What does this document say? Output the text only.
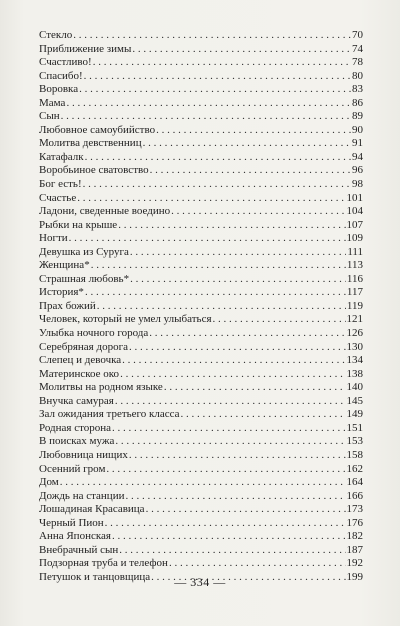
Стекло . . .	70
Приближение зимы . . .	74
Счастливо! . . .	78
Спасибо! . . .	80
Воровка . . .	83
Мама . . .	86
Сын . . .	89
Любовное самоубийство . . .	90
Молитва девственниц . . .	91
Катафалк . . .	94
Воробьиное сватовство . . .	96
Бог есть! . . .	98
Счастье . . .	101
Ладони, сведенные воедино . . .	104
Рыбки на крыше . . .	107
Ногти . . .	109
Девушка из Суруга . . .	111
Женщина* . . .	113
Страшная любовь* . . .	116
История* . . .	117
Прах божий . . .	119
Человек, который не умел улыбаться . . .	121
Улыбка ночного города . . .	126
Серебряная дорога . . .	130
Слепец и девочка . . .	134
Материнское око . . .	138
Молитвы на родном языке . . .	140
Внучка самурая . . .	145
Зал ожидания третьего класса . . .	149
Родная сторона . . .	151
В поисках мужа . . .	153
Любовница нищих . . .	158
Осенний гром . . .	162
Дом . . .	164
Дождь на станции . . .	166
Лошадиная Красавица . . .	173
Черный Пион . . .	176
Анна Японская . . .	182
Внебрачный сын . . .	187
Подзорная труба и телефон . . .	192
Петушок и танцовщица . . .	199
— 334 —
